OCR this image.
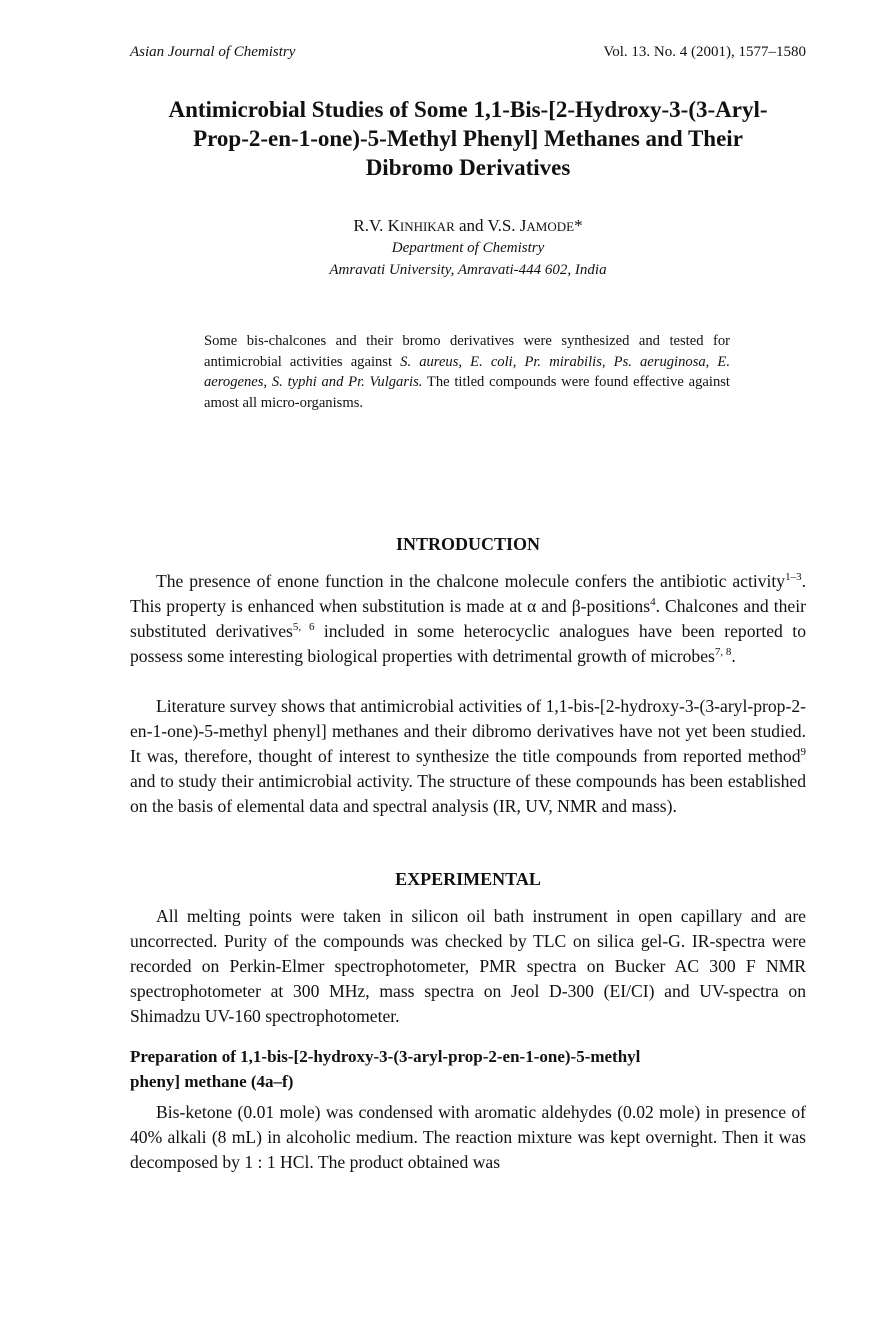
Asian Journal of Chemistry	Vol. 13. No. 4 (2001), 1577–1580
Antimicrobial Studies of Some 1,1-Bis-[2-Hydroxy-3-(3-Aryl-
Prop-2-en-1-one)-5-Methyl Phenyl] Methanes and Their
Dibromo Derivatives
R.V. KINHIKAR and V.S. JAMODE*
Department of Chemistry
Amravati University, Amravati-444 602, India
Some bis-chalcones and their bromo derivatives were synthesized and tested for antimicrobial activities against S. aureus, E. coli, Pr. mirabilis, Ps. aeruginosa, E. aerogenes, S. typhi and Pr. Vulgaris. The titled compounds were found effective against amost all micro-organisms.
INTRODUCTION

The presence of enone function in the chalcone molecule confers the antibiotic activity$^{1-3}$. This property is enhanced when substitution is made at α and β-positions$^4$. Chalcones and their substituted derivatives$^{5, 6}$ included in some heterocyclic analogues have been reported to possess some interesting biological properties with detrimental growth of microbes$^{7, 8}$.

Literature survey shows that antimicrobial activities of 1,1-bis-[2-hydroxy-3-(3-aryl-prop-2-en-1-one)-5-methyl phenyl] methanes and their dibromo derivatives have not yet been studied. It was, therefore, thought of interest to synthesize the title compounds from reported method$^9$ and to study their antimicrobial activity. The structure of these compounds has been established on the basis of elemental data and spectral analysis (IR, UV, NMR and mass).

EXPERIMENTAL

All melting points were taken in silicon oil bath instrument in open capillary and are uncorrected. Purity of the compounds was checked by TLC on silica gel-G. IR-spectra were recorded on Perkin-Elmer spectrophotometer, PMR spectra on Bucker AC 300 F NMR spectrophotometer at 300 MHz, mass spectra on Jeol D-300 (EI/CI) and UV-spectra on Shimadzu UV-160 spectrophotometer.

Preparation of 1,1-bis-[2-hydroxy-3-(3-aryl-prop-2-en-1-one)-5-methyl
pheny] methane (4a–f)

Bis-ketone (0.01 mole) was condensed with aromatic aldehydes (0.02 mole) in presence of 40% alkali (8 mL) in alcoholic medium. The reaction mixture was kept overnight. Then it was decomposed by 1 : 1 HCl. The product obtained was
